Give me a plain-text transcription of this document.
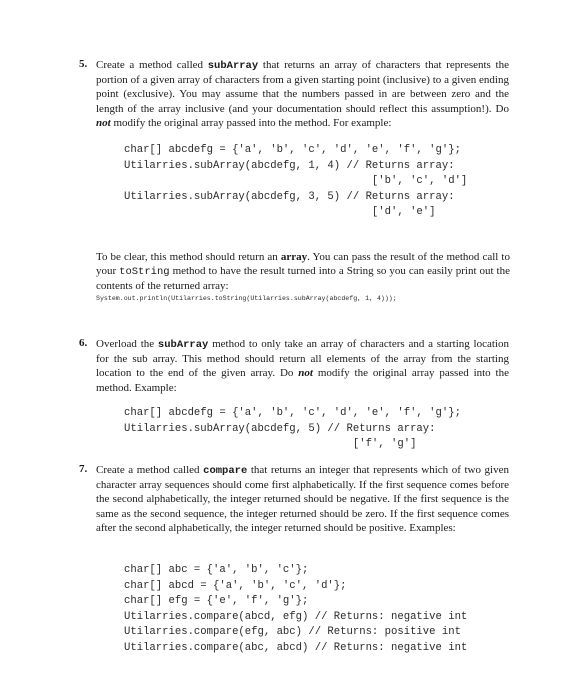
5. Create a method called subArray that returns an array of characters that represents the portion of a given array of characters from a given starting point (inclusive) to a given ending point (exclusive). You may assume that the numbers passed in are between zero and the length of the array inclusive (and your documentation should reflect this assumption!). Do not modify the original array passed into the method. For example:
char[] abcdefg = {'a', 'b', 'c', 'd', 'e', 'f', 'g'};
Utilarries.subArray(abcdefg, 1, 4) // Returns array:
['b', 'c', 'd']
Utilarries.subArray(abcdefg, 3, 5) // Returns array:
['d', 'e']
To be clear, this method should return an array. You can pass the result of the method call to your toString method to have the result turned into a String so you can easily print out the contents of the returned array:
System.out.println(Utilarries.toString(Utilarries.subArray(abcdefg, 1, 4)));
6. Overload the subArray method to only take an array of characters and a starting location for the sub array. This method should return all elements of the array from the starting location to the end of the given array. Do not modify the original array passed into the method. Example:
char[] abcdefg = {'a', 'b', 'c', 'd', 'e', 'f', 'g'};
Utilarries.subArray(abcdefg, 5) // Returns array:
['f', 'g']
7. Create a method called compare that returns an integer that represents which of two given character array sequences should come first alphabetically. If the first sequence comes before the second alphabetically, the integer returned should be negative. If the first sequence is the same as the second sequence, the integer returned should be zero. If the first sequence comes after the second alphabetically, the integer returned should be positive. Examples:
char[] abc = {'a', 'b', 'c'};
char[] abcd = {'a', 'b', 'c', 'd'};
char[] efg = {'e', 'f', 'g'};
Utilarries.compare(abcd, efg) // Returns: negative int
Utilarries.compare(efg, abc) // Returns: positive int
Utilarries.compare(abc, abcd) // Returns: negative int
